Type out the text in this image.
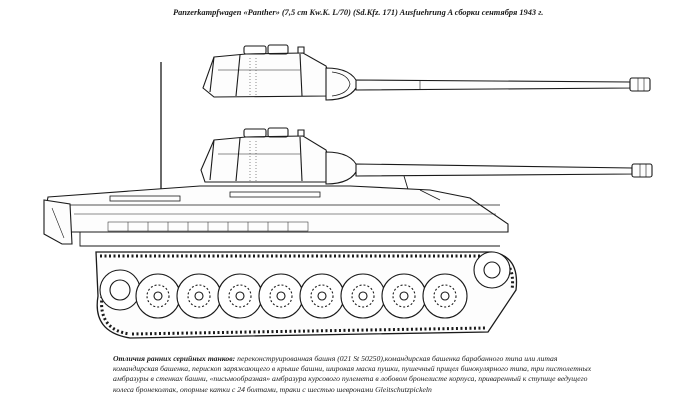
Panzerkampfwagen «Panther» (7,5 cm Kw.K. L/70) (Sd.Kfz. 171) Ausfuehrung A сборки сентября 1943 г.
Отличия ранних серийных танков: переконструированная башня (021 St 50250),командирская башенка барабанного типа или литая командирская башенка, перископ заряжающего в крыше башни, широкая маска пушки, пушечный прицел бинокулярного типа, три пистолетных амбразуры в стенках башни, «письмообразная» амбразура курсового пулемета в лобовом бронелисте корпуса, приваренный к ступице ведущего колеса бронеколпак, опорные катки с 24 болтами, траки с шестью шевронами Gleitschutzpickeln
